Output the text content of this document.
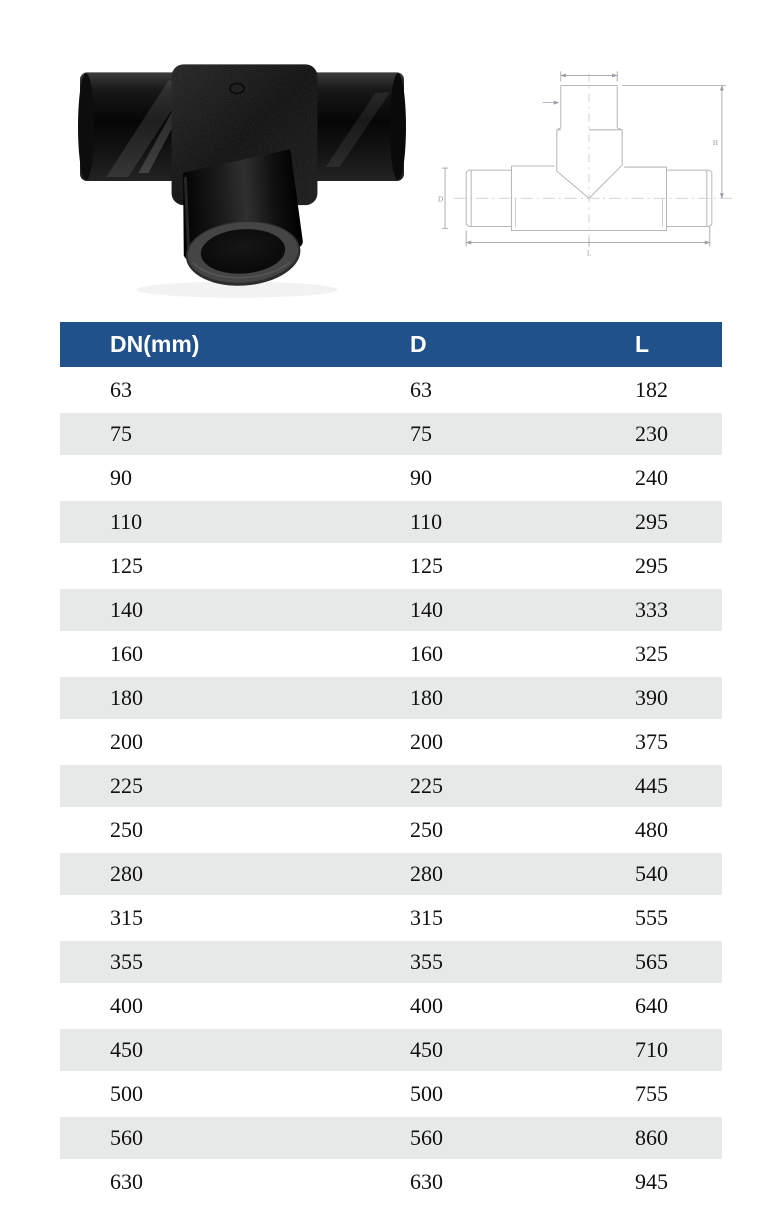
D
H
L
DN(mm)	D	L
63	63	182
75	75	230
90	90	240
110	110	295
125	125	295
140	140	333
160	160	325
180	180	390
200	200	375
225	225	445
250	250	480
280	280	540
315	315	555
355	355	565
400	400	640
450	450	710
500	500	755
560	560	860
630	630	945
